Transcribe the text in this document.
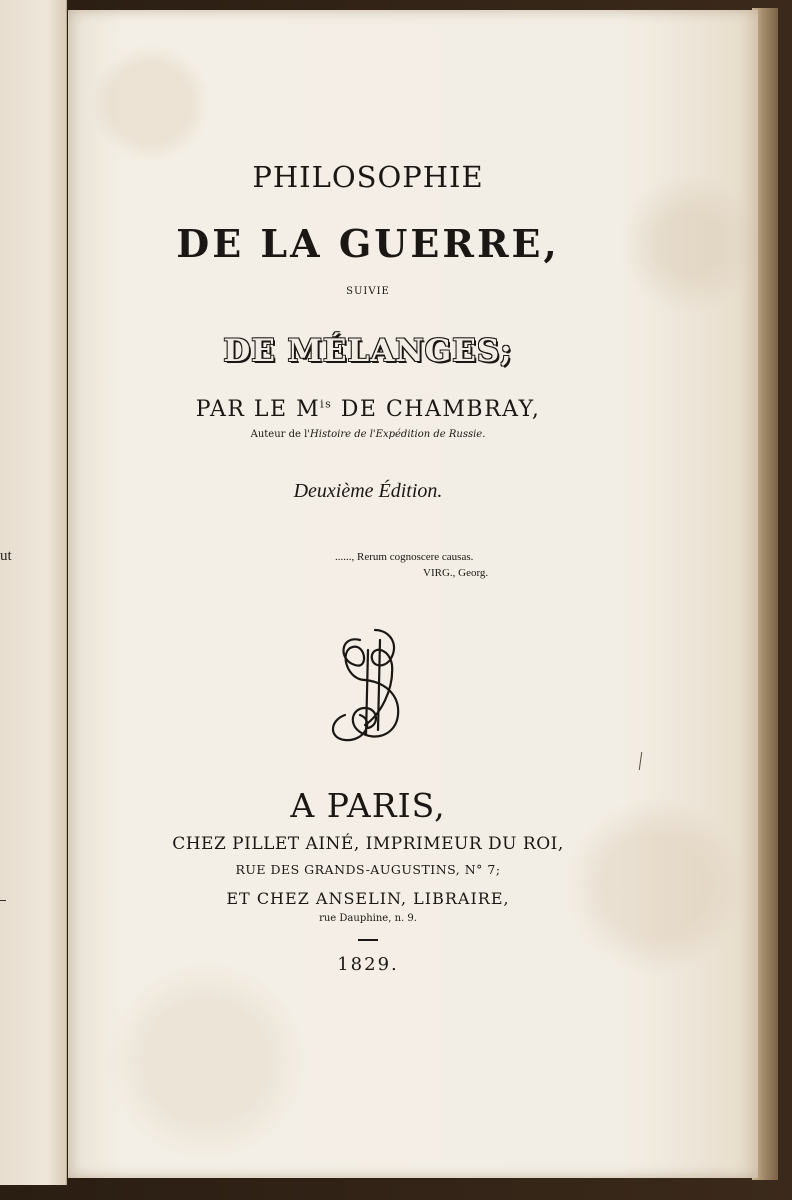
ut
PHILOSOPHIE
DE LA GUERRE,
SUIVIE
DE MÉLANGES;
PAR LE $M^{is}$ DE CHAMBRAY,
Auteur de l'Histoire de l'Expédition de Russie.
Deuxième Édition.
......, Rerum cognoscere causas.
VIRG., Georg.
A PARIS,
CHEZ PILLET AINÉ, IMPRIMEUR DU ROI,
RUE DES GRANDS-AUGUSTINS, N° 7;
ET CHEZ ANSELIN, LIBRAIRE,
rue Dauphine, n. 9.
1829.
